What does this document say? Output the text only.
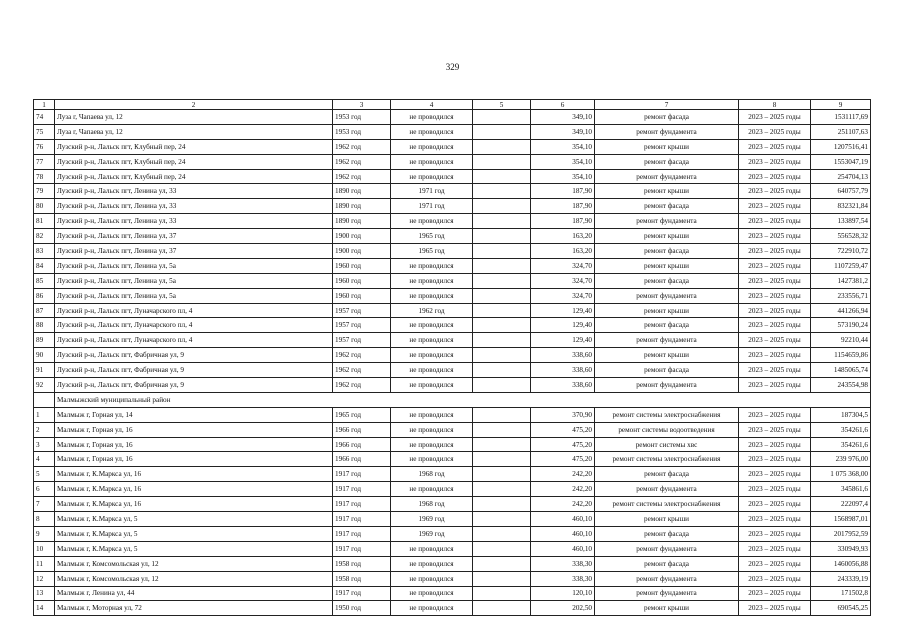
329
1	2	3	4	5	6	7	8	9
74	Луза г, Чапаева ул, 12	1953 год	не проводился		349,10	ремонт фасада	2023 – 2025 годы	1531117,69
75	Луза г, Чапаева ул, 12	1953 год	не проводился		349,10	ремонт фундамента	2023 – 2025 годы	251107,63
76	Лузский р-н, Лальск пгт, Клубный пер, 24	1962 год	не проводился		354,10	ремонт крыши	2023 – 2025 годы	1207516,41
77	Лузский р-н, Лальск пгт, Клубный пер, 24	1962 год	не проводился		354,10	ремонт фасада	2023 – 2025 годы	1553047,19
78	Лузский р-н, Лальск пгт, Клубный пер, 24	1962 год	не проводился		354,10	ремонт фундамента	2023 – 2025 годы	254704,13
79	Лузский р-н, Лальск пгт, Ленина ул, 33	1890 год	1971 год		187,90	ремонт крыши	2023 – 2025 годы	640757,79
80	Лузский р-н, Лальск пгт, Ленина ул, 33	1890 год	1971 год		187,90	ремонт фасада	2023 – 2025 годы	832321,84
81	Лузский р-н, Лальск пгт, Ленина ул, 33	1890 год	не проводился		187,90	ремонт фундамента	2023 – 2025 годы	133897,54
82	Лузский р-н, Лальск пгт, Ленина ул, 37	1900 год	1965 год		163,20	ремонт крыши	2023 – 2025 годы	556528,32
83	Лузский р-н, Лальск пгт, Ленина ул, 37	1900 год	1965 год		163,20	ремонт фасада	2023 – 2025 годы	722910,72
84	Лузский р-н, Лальск пгт, Ленина ул, 5а	1960 год	не проводился		324,70	ремонт крыши	2023 – 2025 годы	1107259,47
85	Лузский р-н, Лальск пгт, Ленина ул, 5а	1960 год	не проводился		324,70	ремонт фасада	2023 – 2025 годы	1427381,2
86	Лузский р-н, Лальск пгт, Ленина ул, 5а	1960 год	не проводился		324,70	ремонт фундамента	2023 – 2025 годы	233556,71
87	Лузский р-н, Лальск пгт, Луначарского пл, 4	1957 год	1962 год		129,40	ремонт крыши	2023 – 2025 годы	441266,94
88	Лузский р-н, Лальск пгт, Луначарского пл, 4	1957 год	не проводился		129,40	ремонт фасада	2023 – 2025 годы	573190,24
89	Лузский р-н, Лальск пгт, Луначарского пл, 4	1957 год	не проводился		129,40	ремонт фундамента	2023 – 2025 годы	92210,44
90	Лузский р-н, Лальск пгт, Фабричная ул, 9	1962 год	не проводился		338,60	ремонт крыши	2023 – 2025 годы	1154659,86
91	Лузский р-н, Лальск пгт, Фабричная ул, 9	1962 год	не проводился		338,60	ремонт фасада	2023 – 2025 годы	1485065,74
92	Лузский р-н, Лальск пгт, Фабричная ул, 9	1962 год	не проводился		338,60	ремонт фундамента	2023 – 2025 годы	243554,98
	Малмыжский муниципальный район							
1	Малмыж г, Горная ул, 14	1965 год	не проводился		370,90	ремонт системы электроснабжения	2023 – 2025 годы	187304,5
2	Малмыж г, Горная ул, 16	1966 год	не проводился		475,20	ремонт системы водоотведения	2023 – 2025 годы	354261,6
3	Малмыж г, Горная ул, 16	1966 год	не проводился		475,20	ремонт системы хвс	2023 – 2025 годы	354261,6
4	Малмыж г, Горная ул, 16	1966 год	не проводился		475,20	ремонт системы электроснабжения	2023 – 2025 годы	239 976,00
5	Малмыж г, К.Маркса ул, 16	1917 год	1968 год		242,20	ремонт фасада	2023 – 2025 годы	1 075 368,00
6	Малмыж г, К.Маркса ул, 16	1917 год	не проводился		242,20	ремонт фундамента	2023 – 2025 годы	345861,6
7	Малмыж г, К.Маркса ул, 16	1917 год	1968 год		242,20	ремонт системы электроснабжения	2023 – 2025 годы	222097,4
8	Малмыж г, К.Маркса ул, 5	1917 год	1969 год		460,10	ремонт крыши	2023 – 2025 годы	1568987,01
9	Малмыж г, К.Маркса ул, 5	1917 год	1969 год		460,10	ремонт фасада	2023 – 2025 годы	2017952,59
10	Малмыж г, К.Маркса ул, 5	1917 год	не проводился		460,10	ремонт фундамента	2023 – 2025 годы	330949,93
11	Малмыж г, Комсомольская ул, 12	1958 год	не проводился		338,30	ремонт фасада	2023 – 2025 годы	1460056,88
12	Малмыж г, Комсомольская ул, 12	1958 год	не проводился		338,30	ремонт фундамента	2023 – 2025 годы	243339,19
13	Малмыж г, Ленина ул, 44	1917 год	не проводился		120,10	ремонт фундамента	2023 – 2025 годы	171502,8
14	Малмыж г, Моторная ул, 72	1950 год	не проводился		202,50	ремонт крыши	2023 – 2025 годы	690545,25
